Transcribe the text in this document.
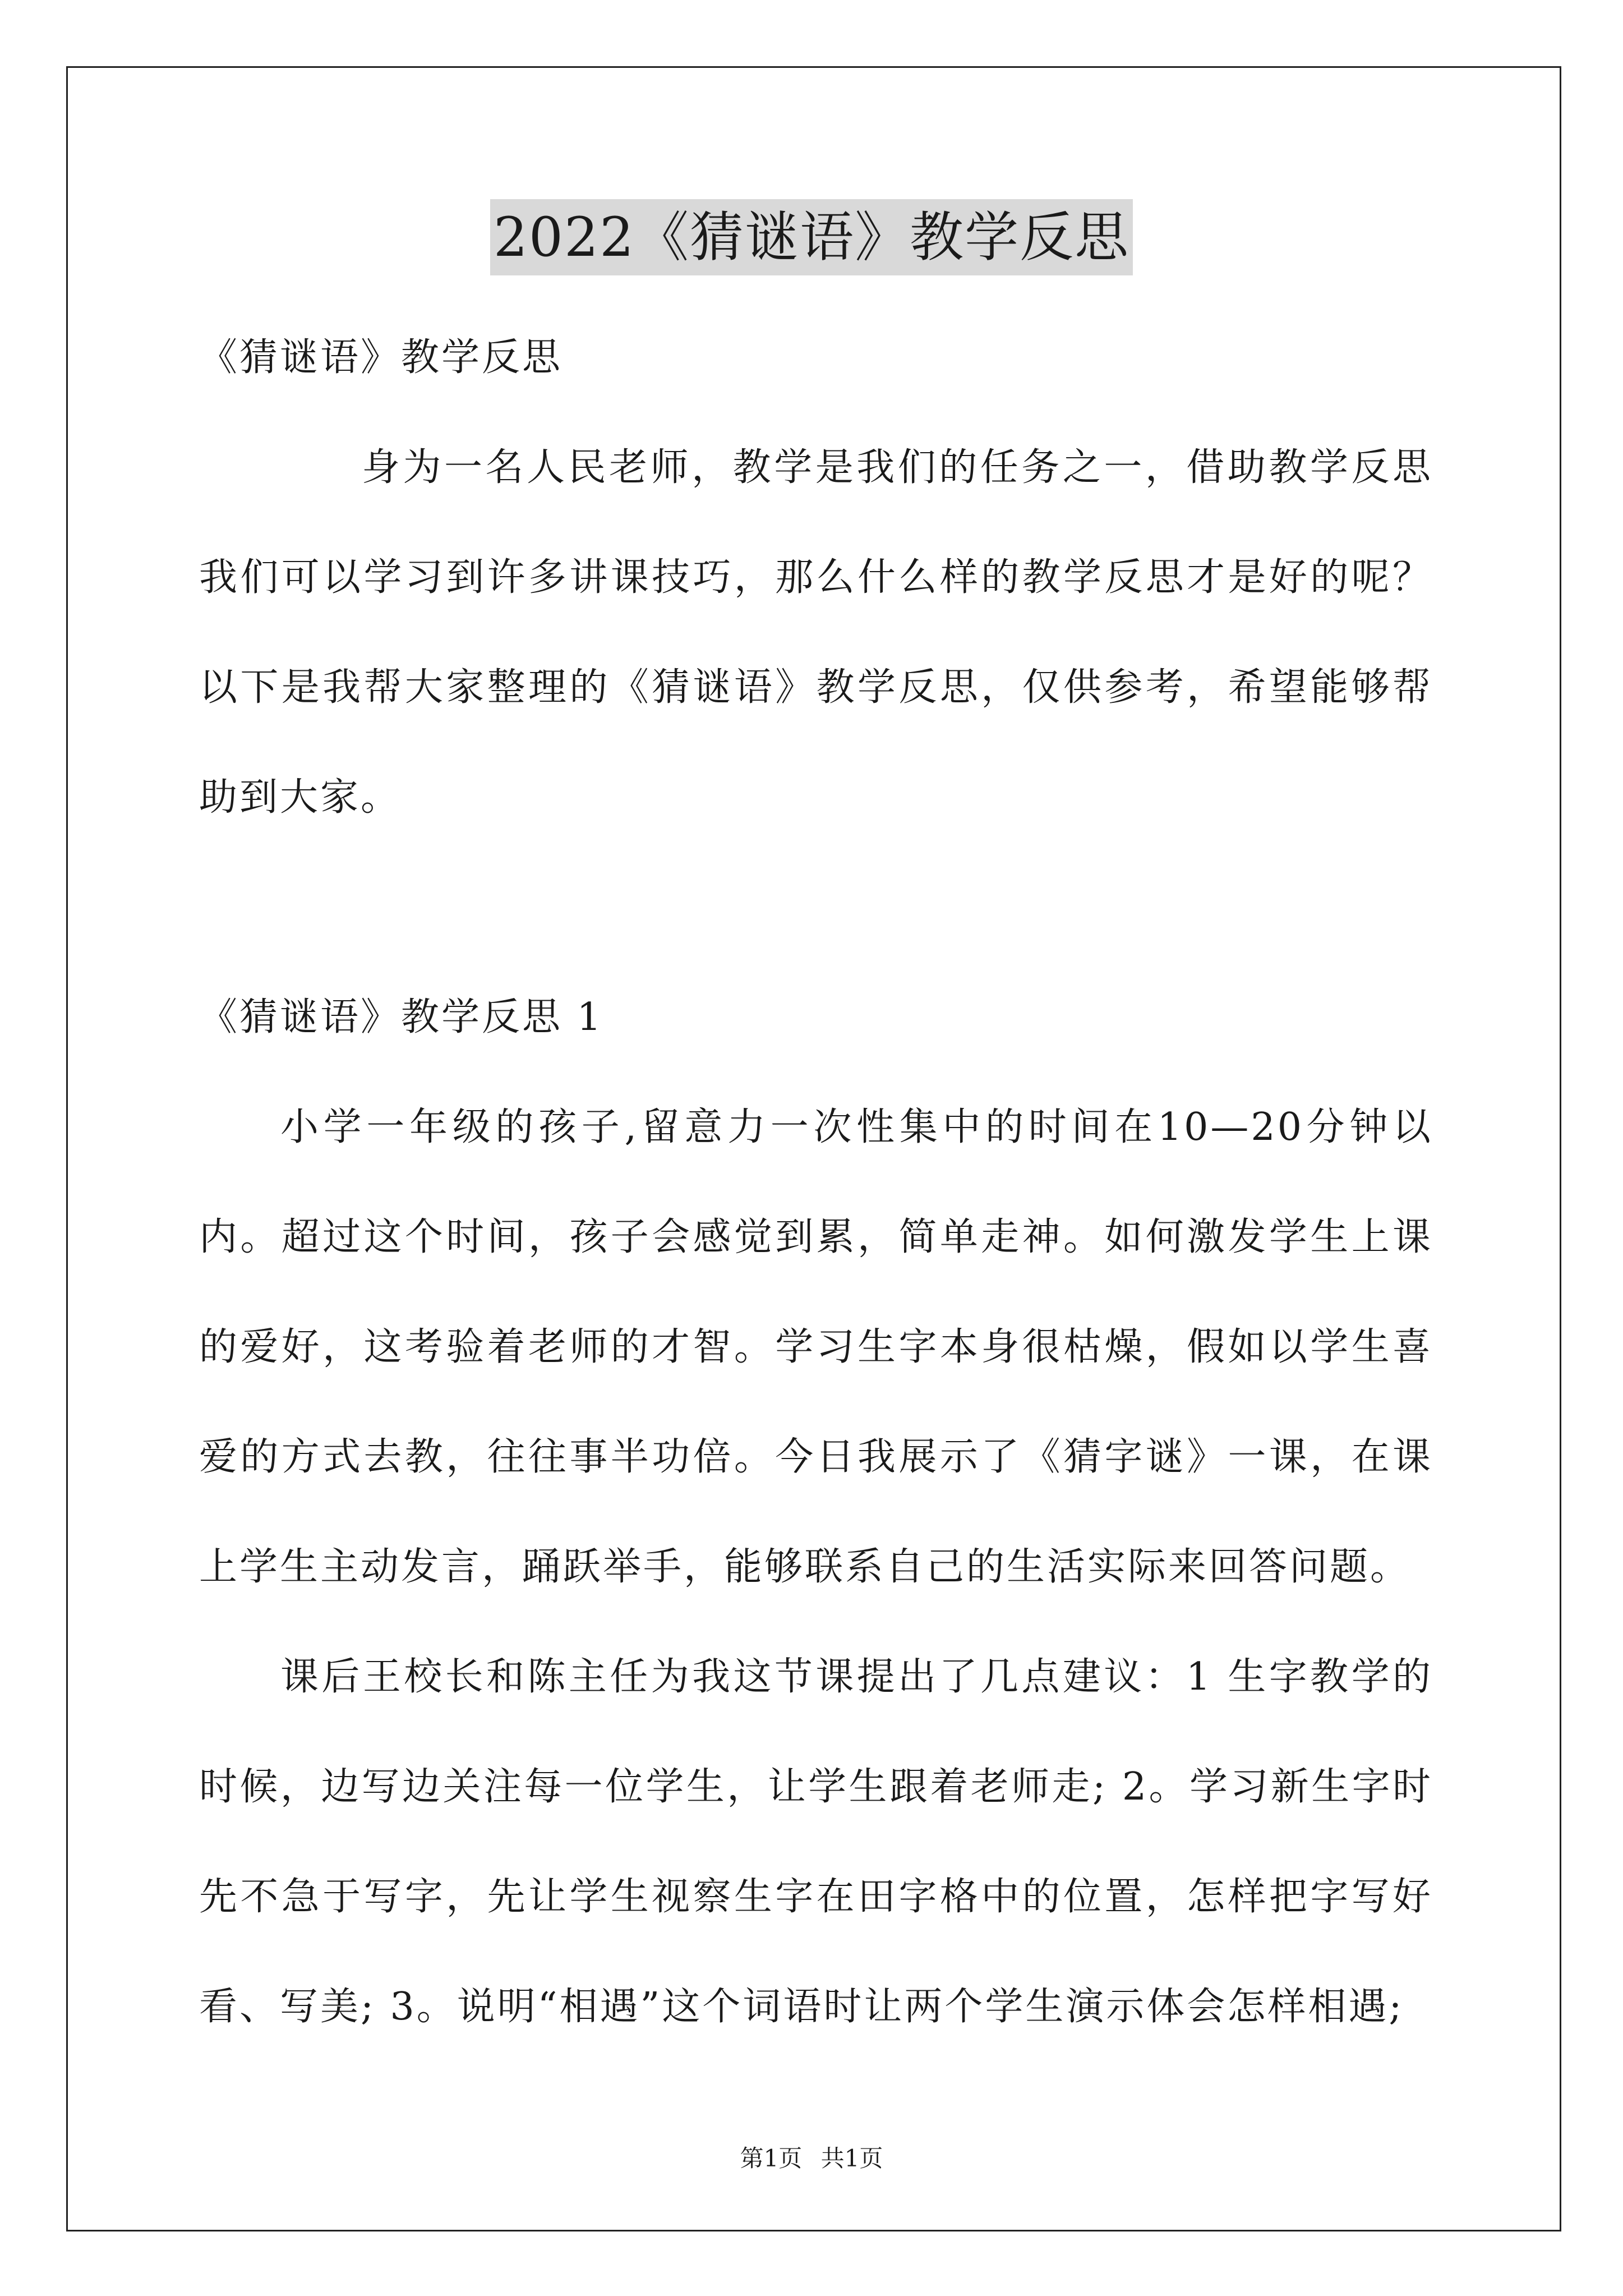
2022《猜谜语》教学反思

《猜谜语》教学反思

身为一名人民老师，教学是我们的任务之一，借助教学反思我们可以学习到许多讲课技巧，那么什么样的教学反思才是好的呢？以下是我帮大家整理的《猜谜语》教学反思，仅供参考，希望能够帮助到大家。

《猜谜语》教学反思 1

小学一年级的孩子,留意力一次性集中的时间在10—20分钟以内。超过这个时间，孩子会感觉到累，简单走神。如何激发学生上课的爱好，这考验着老师的才智。学习生字本身很枯燥，假如以学生喜爱的方式去教，往往事半功倍。今日我展示了《猜字谜》一课，在课上学生主动发言，踊跃举手，能够联系自己的生活实际来回答问题。

课后王校长和陈主任为我这节课提出了几点建议：1 生字教学的时候，边写边关注每一位学生，让学生跟着老师走; 2。学习新生字时先不急于写字，先让学生视察生字在田字格中的位置，怎样把字写好看、写美; 3。说明“相遇”这个词语时让两个学生演示体会怎样相遇;

第1页 共1页
